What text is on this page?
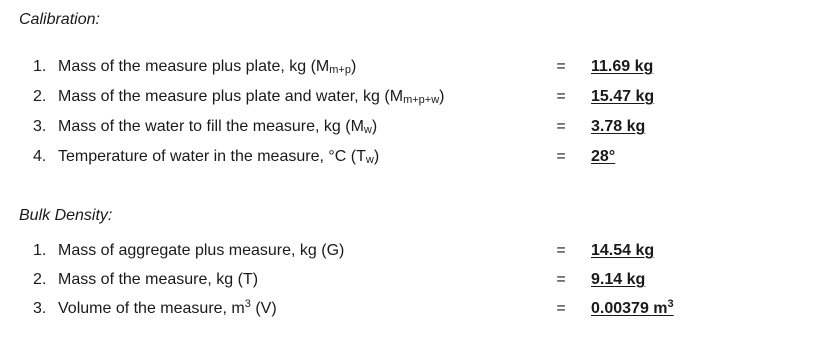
Calibration:
1. Mass of the measure plus plate, kg (Mm+p)	= 11.69 kg
2. Mass of the measure plus plate and water, kg (Mm+p+w)	= 15.47 kg
3. Mass of the water to fill the measure, kg (Mw)	= 3.78 kg
4. Temperature of water in the measure, °C (Tw)	= 28°
Bulk Density:
1. Mass of aggregate plus measure, kg (G)	= 14.54 kg
2. Mass of the measure, kg (T)	= 9.14 kg
3. Volume of the measure, $m^3$ (V)	= 0.00379 $m^3$
